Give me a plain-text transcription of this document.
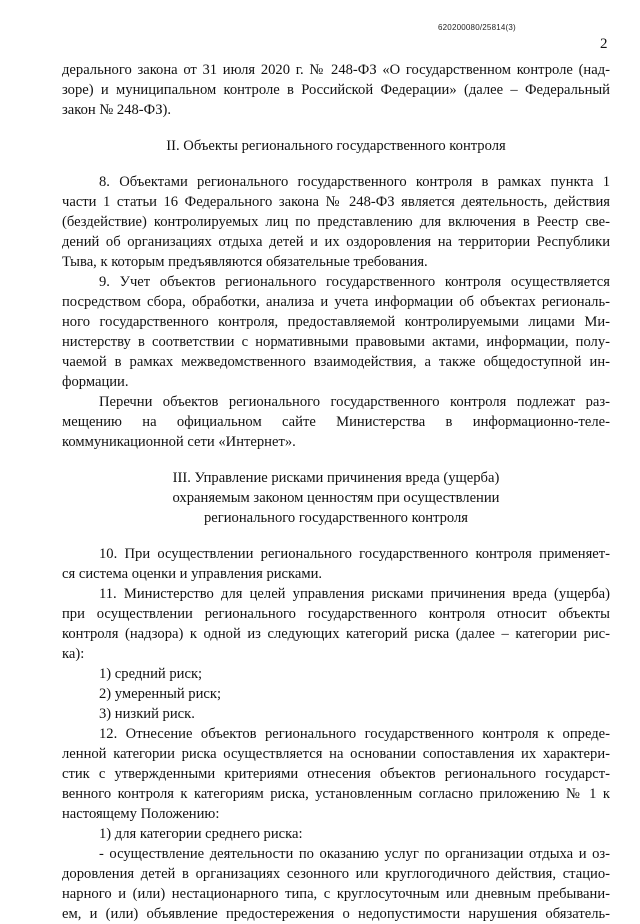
620200080/25814(3)
2
дерального закона от 31 июля 2020 г. № 248-ФЗ «О государственном контроле (над-
зоре) и муниципальном контроле в Российской Федерации» (далее – Федеральный
закон № 248-ФЗ).
II. Объекты регионального государственного контроля
8. Объектами регионального государственного контроля в рамках пункта 1
части 1 статьи 16 Федерального закона № 248-ФЗ является деятельность, действия
(бездействие) контролируемых лиц по представлению для включения в Реестр све-
дений об организациях отдыха детей и их оздоровления на территории Республики
Тыва, к которым предъявляются обязательные требования.
9. Учет объектов регионального государственного контроля осуществляется
посредством сбора, обработки, анализа и учета информации об объектах региональ-
ного государственного контроля, предоставляемой контролируемыми лицами Ми-
нистерству в соответствии с нормативными правовыми актами, информации, полу-
чаемой в рамках межведомственного взаимодействия, а также общедоступной ин-
формации.
Перечни объектов регионального государственного контроля подлежат раз-
мещению на официальном сайте Министерства в информационно-теле-
коммуникационной сети «Интернет».
III. Управление рисками причинения вреда (ущерба)
охраняемым законом ценностям при осуществлении
регионального государственного контроля
10. При осуществлении регионального государственного контроля применяет-
ся система оценки и управления рисками.
11. Министерство для целей управления рисками причинения вреда (ущерба)
при осуществлении регионального государственного контроля относит объекты
контроля (надзора) к одной из следующих категорий риска (далее – категории рис-
ка):
1) средний риск;
2) умеренный риск;
3) низкий риск.
12. Отнесение объектов регионального государственного контроля к опреде-
ленной категории риска осуществляется на основании сопоставления их характери-
стик с утвержденными критериями отнесения объектов регионального государст-
венного контроля к категориям риска, установленным согласно приложению № 1 к
настоящему Положению:
1) для категории среднего риска:
- осуществление деятельности по оказанию услуг по организации отдыха и оз-
доровления детей в организациях сезонного или круглогодичного действия, стацио-
нарного и (или) нестационарного типа, с круглосуточным или дневным пребывани-
ем, и (или) объявление предостережения о недопустимости нарушения обязатель-
